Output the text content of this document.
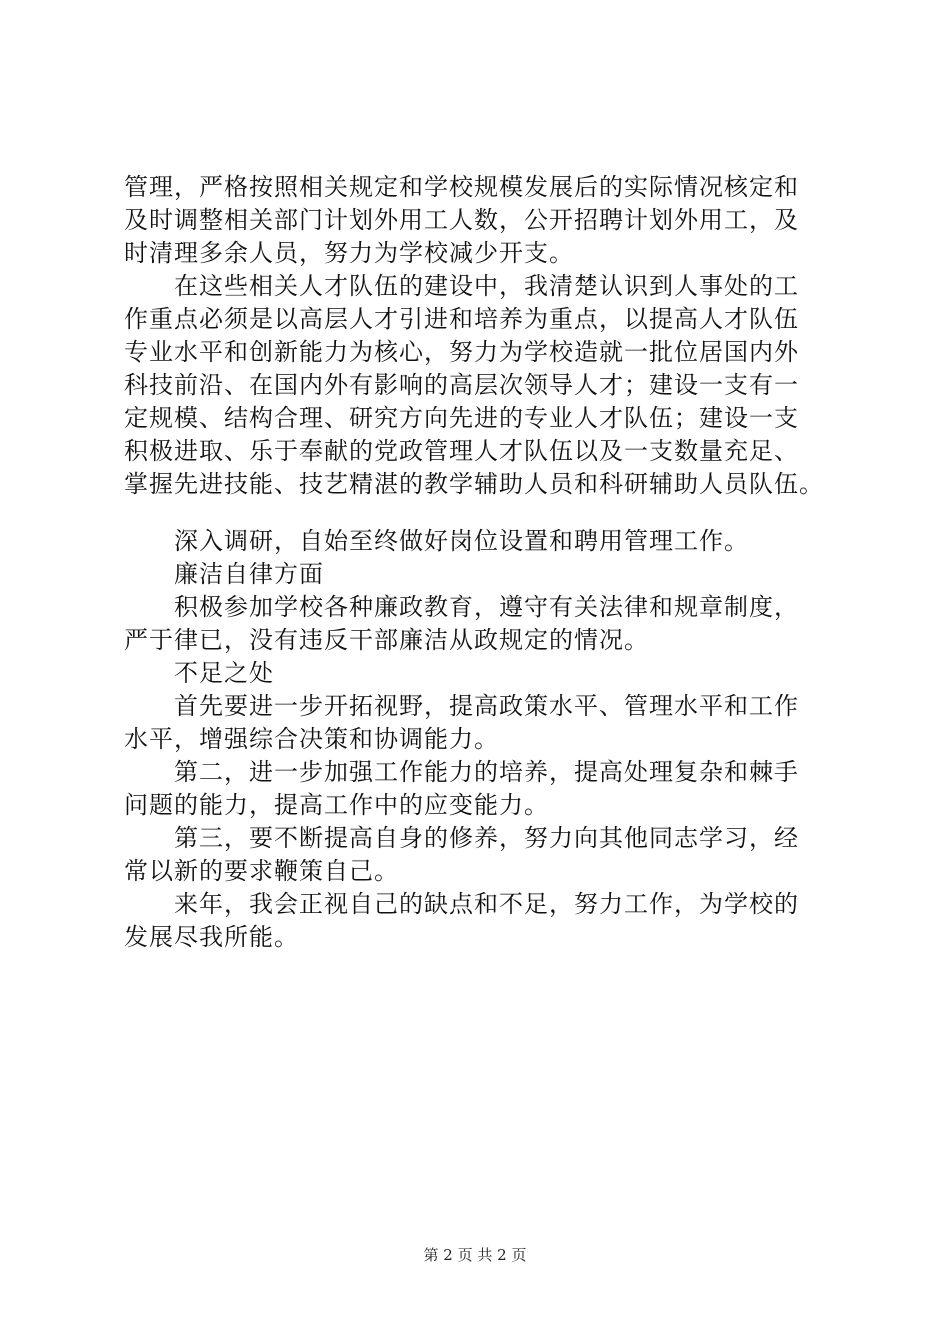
管理，严格按照相关规定和学校规模发展后的实际情况核定和
及时调整相关部门计划外用工人数，公开招聘计划外用工，及
时清理多余人员，努力为学校减少开支。
在这些相关人才队伍的建设中，我清楚认识到人事处的工
作重点必须是以高层人才引进和培养为重点，以提高人才队伍
专业水平和创新能力为核心，努力为学校造就一批位居国内外
科技前沿、在国内外有影响的高层次领导人才；建设一支有一
定规模、结构合理、研究方向先进的专业人才队伍；建设一支
积极进取、乐于奉献的党政管理人才队伍以及一支数量充足、
掌握先进技能、技艺精湛的教学辅助人员和科研辅助人员队伍。
深入调研，自始至终做好岗位设置和聘用管理工作。
廉洁自律方面
积极参加学校各种廉政教育，遵守有关法律和规章制度，
严于律已，没有违反干部廉洁从政规定的情况。
不足之处
首先要进一步开拓视野，提高政策水平、管理水平和工作
水平，增强综合决策和协调能力。
第二，进一步加强工作能力的培养，提高处理复杂和棘手
问题的能力，提高工作中的应变能力。
第三，要不断提高自身的修养，努力向其他同志学习，经
常以新的要求鞭策自己。
来年，我会正视自己的缺点和不足，努力工作，为学校的
发展尽我所能。
第 2 页 共 2 页
